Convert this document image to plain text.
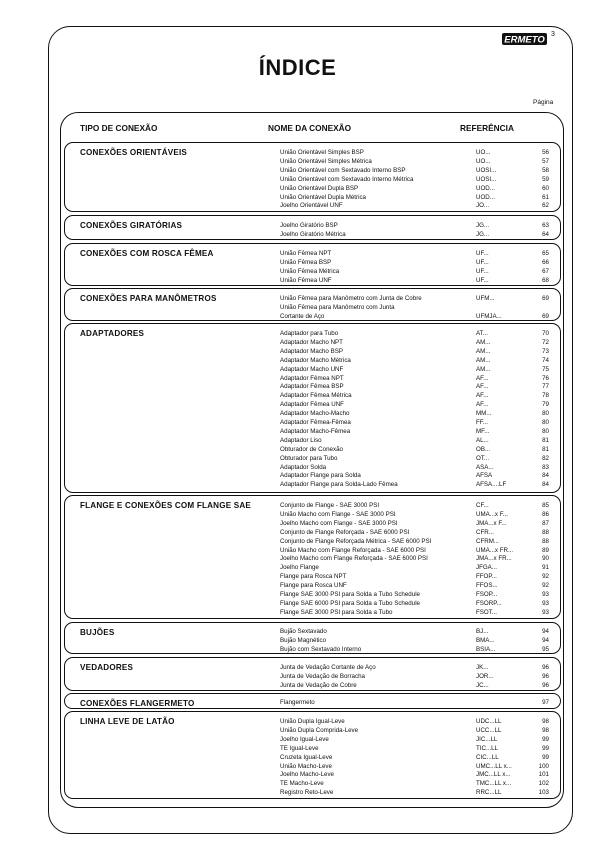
3
ERMETO
ÍNDICE
Página
TIPO DE CONEXÃO	NOME DA CONEXÃO	REFERÊNCIA
CONEXÕES ORIENTÁVEIS	União Orientável Simples BSP	UO...	56
União Orientável Simples Métrica	UO...	57
União Orientável com Sextavado Interno BSP	UOSI...	58
União Orientável com Sextavado Interno Métrica	UOSI...	59
União Orientável Dupla BSP	UOD...	60
União Orientável Dupla Métrica	UOD...	61
Joelho Orientável UNF	JO...	62
CONEXÕES GIRATÓRIAS	Joelho Giratório BSP	JG...	63
Joelho Giratório Métrica	JG...	64
CONEXÕES COM ROSCA FÊMEA	União Fêmea NPT	UF...	65
União Fêmea BSP	UF...	66
União Fêmea Métrica	UF...	67
União Fêmea UNF	UF...	68
CONEXÕES PARA MANÔMETROS	União Fêmea para Manômetro com Junta de Cobre	UFM...	69
União Fêmea para Manômetro com Junta
Cortante de Aço	UFMJA...	69
ADAPTADORES	Adaptador para Tubo	AT...	70
Adaptador Macho NPT	AM...	72
Adaptador Macho BSP	AM...	73
Adaptador Macho Métrica	AM...	74
Adaptador Macho UNF	AM...	75
Adaptador Fêmea NPT	AF...	76
Adaptador Fêmea BSP	AF...	77
Adaptador Fêmea Métrica	AF...	78
Adaptador Fêmea UNF	AF...	79
Adaptador Macho-Macho	MM...	80
Adaptador Fêmea-Fêmea	FF...	80
Adaptador Macho-Fêmea	MF...	80
Adaptador Liso	AL...	81
Obturador de Conexão	OB...	81
Obturador para Tubo	OT...	82
Adaptador Solda	ASA...	83
Adaptador Flange para Solda	AFSA	84
Adaptador Flange para Solda-Lado Fêmea	AFSA....LF	84
FLANGE E CONEXÕES COM FLANGE SAE	Conjunto de Flange - SAE 3000 PSI	CF...	85
União Macho com Flange - SAE 3000 PSI	UMA...x F...	86
Joelho Macho com Flange - SAE 3000 PSI	JMA...x F...	87
Conjunto de Flange Reforçada - SAE 6000 PSI	CFR...	88
Conjunto de Flange Reforçada Métrica - SAE 6000 PSI	CFRM...	88
União Macho com Flange Reforçada - SAE 6000 PSI	UMA...x FR...	89
Joelho Macho com Flange Reforçada - SAE 6000 PSI	JMA...x FR...	90
Joelho Flange	JFGA...	91
Flange para Rosca NPT	FFOP...	92
Flange para Rosca UNF	FFOS...	92
Flange SAE 3000 PSI para Solda a Tubo Schedule	FSOP...	93
Flange SAE 6000 PSI para Solda a Tubo Schedule	FSORP...	93
Flange SAE 3000 PSI para Solda a Tubo	FSOT...	93
BUJÕES	Bujão Sextavado	BJ...	94
Bujão Magnético	BMA...	94
Bujão com Sextavado Interno	BSIA...	95
VEDADORES	Junta de Vedação Cortante de Aço	JK...	96
Junta de Vedação de Borracha	JOR...	96
Junta de Vedação de Cobre	JC...	96
CONEXÕES FLANGERMETO	Flangermeto	97
LINHA LEVE DE LATÃO	União Dupla Igual-Leve	UDC...LL	98
União Dupla Comprida-Leve	UCC...LL	98
Joelho Igual-Leve	JIC...LL	99
TE Igual-Leve	TIC...LL	99
Cruzeta Igual-Leve	CIC...LL	99
União Macho-Leve	UMC...LL x...	100
Joelho Macho-Leve	JMC...LL x...	101
TE Macho-Leve	TMC...LL x...	102
Registro Reto-Leve	RRC...LL	103
